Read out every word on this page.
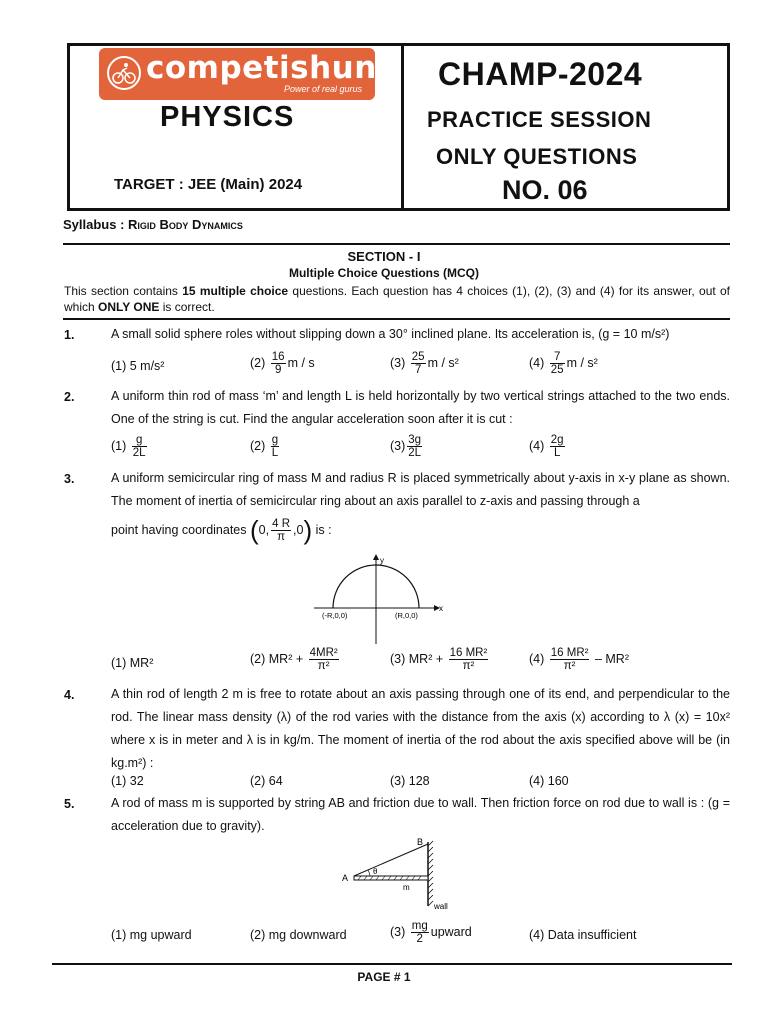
competishun
Power of real gurus
PHYSICS
TARGET : JEE (Main) 2024
CHAMP-2024
PRACTICE SESSION
ONLY QUESTIONS
NO. 06
Syllabus : Rigid Body Dynamics
SECTION - I
Multiple Choice Questions (MCQ)
This section contains 15 multiple choice questions. Each question has 4 choices (1), (2), (3) and (4) for its answer, out of which ONLY ONE is correct.
1.	A small solid sphere roles without slipping down a 30° inclined plane. Its acceleration is, (g = 10 m/s²)
(1) 5 m/s²	$(2) \frac{16}{9}$ m / s	$(3) \frac{25}{7}$ m / s²	$(4) \frac{7}{25}$ m / s²
2.	A uniform thin rod of mass ‘m’ and length L is held horizontally by two vertical strings attached to the two ends. One of the string is cut. Find the angular acceleration soon after it is cut :
$(1) \frac{g}{2L}$	$(2) \frac{g}{L}$	$(3) \frac{3g}{2L}$	$(4) \frac{2g}{L}$
3.	A uniform semicircular ring of mass M and radius R is placed symmetrically about y-axis in x-y plane as shown. The moment of inertia of semicircular ring about an axis parallel to z-axis and passing through a
point having coordinates (0, $\frac{4 R}{\pi} ,0$) is :
y
x
(-R,0,0)	(R,0,0)
(1) MR²	(2) $MR^2 + \frac{\text{4MR²}}{\text{π²}}$	(3) $MR^2 + \frac{\text{16 MR²}}{\text{π²}}$	$(4) \frac{\text{16 MR²}}{\text{π²}} - MR^2$
4.	A thin rod of length 2 m is free to rotate about an axis passing through one of its end, and perpendicular to the rod. The linear mass density (λ) of the rod varies with the distance from the axis (x) according to λ (x) = 10x² where x is in meter and λ is in kg/m. The moment of inertia of the rod about the axis specified above will be (in kg.m²) :
(1) 32	(2) 64	(3) 128	(4) 160
5.	A rod of mass m is supported by string AB and friction due to wall. Then friction force on rod due to wall is : (g = acceleration due to gravity).
A
B
θ
m
wall
(1) mg upward	(2) mg downward	$(3) \frac{mg}{2}$ upward	(4) Data insufficient
PAGE # 1
